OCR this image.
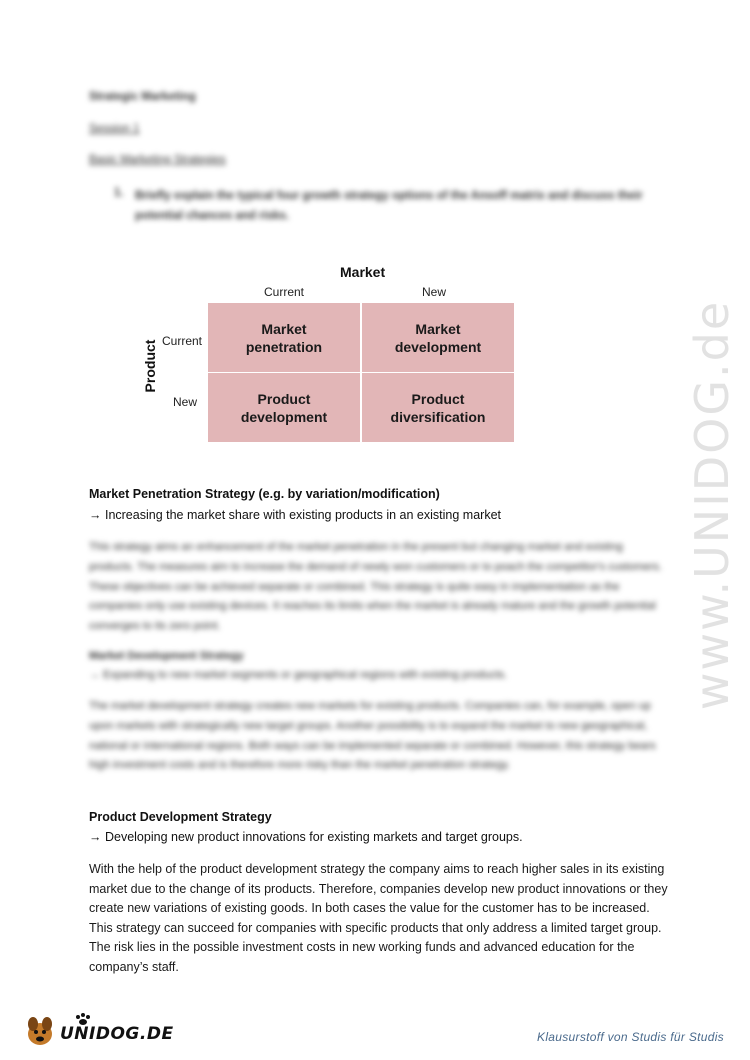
www.UNIDOG.de
Strategic Marketing
Session 1
Basic Marketing Strategies
1. Briefly explain the typical four growth strategy options of the Ansoff matrix and discuss their potential chances and risks.
Market
Current	New
Product Current
New
Market
penetration
Market
development
Product
development
Product
diversification
Market Penetration Strategy (e.g. by variation/modification)
→ Increasing the market share with existing products in an existing market
This strategy aims an enhancement of the market penetration in the present but changing market and existing products. The measures aim to increase the demand of newly won customers or to poach the competitor's customers. These objectives can be achieved separate or combined. This strategy is quite easy in implementation as the companies only use existing devices. It reaches its limits when the market is already mature and the growth potential converges to its zero point.
Market Development Strategy
→ Expanding to new market segments or geographical regions with existing products.
The market development strategy creates new markets for existing products. Companies can, for example, open up upon markets with strategically new target groups. Another possibility is to expand the market to new geographical, national or international regions. Both ways can be implemented separate or combined. However, this strategy bears high investment costs and is therefore more risky than the market penetration strategy.
Product Development Strategy
→ Developing new product innovations for existing markets and target groups.
With the help of the product development strategy the company aims to reach higher sales in its existing market due to the change of its products. Therefore, companies develop new product innovations or they create new variations of existing goods. In both cases the value for the customer has to be increased. This strategy can succeed for companies with specific products that only address a limited target group. The risk lies in the possible investment costs in new working funds and advanced education for the company’s staff.
UNIDOG.DE	Klausurstoff von Studis für Studis
